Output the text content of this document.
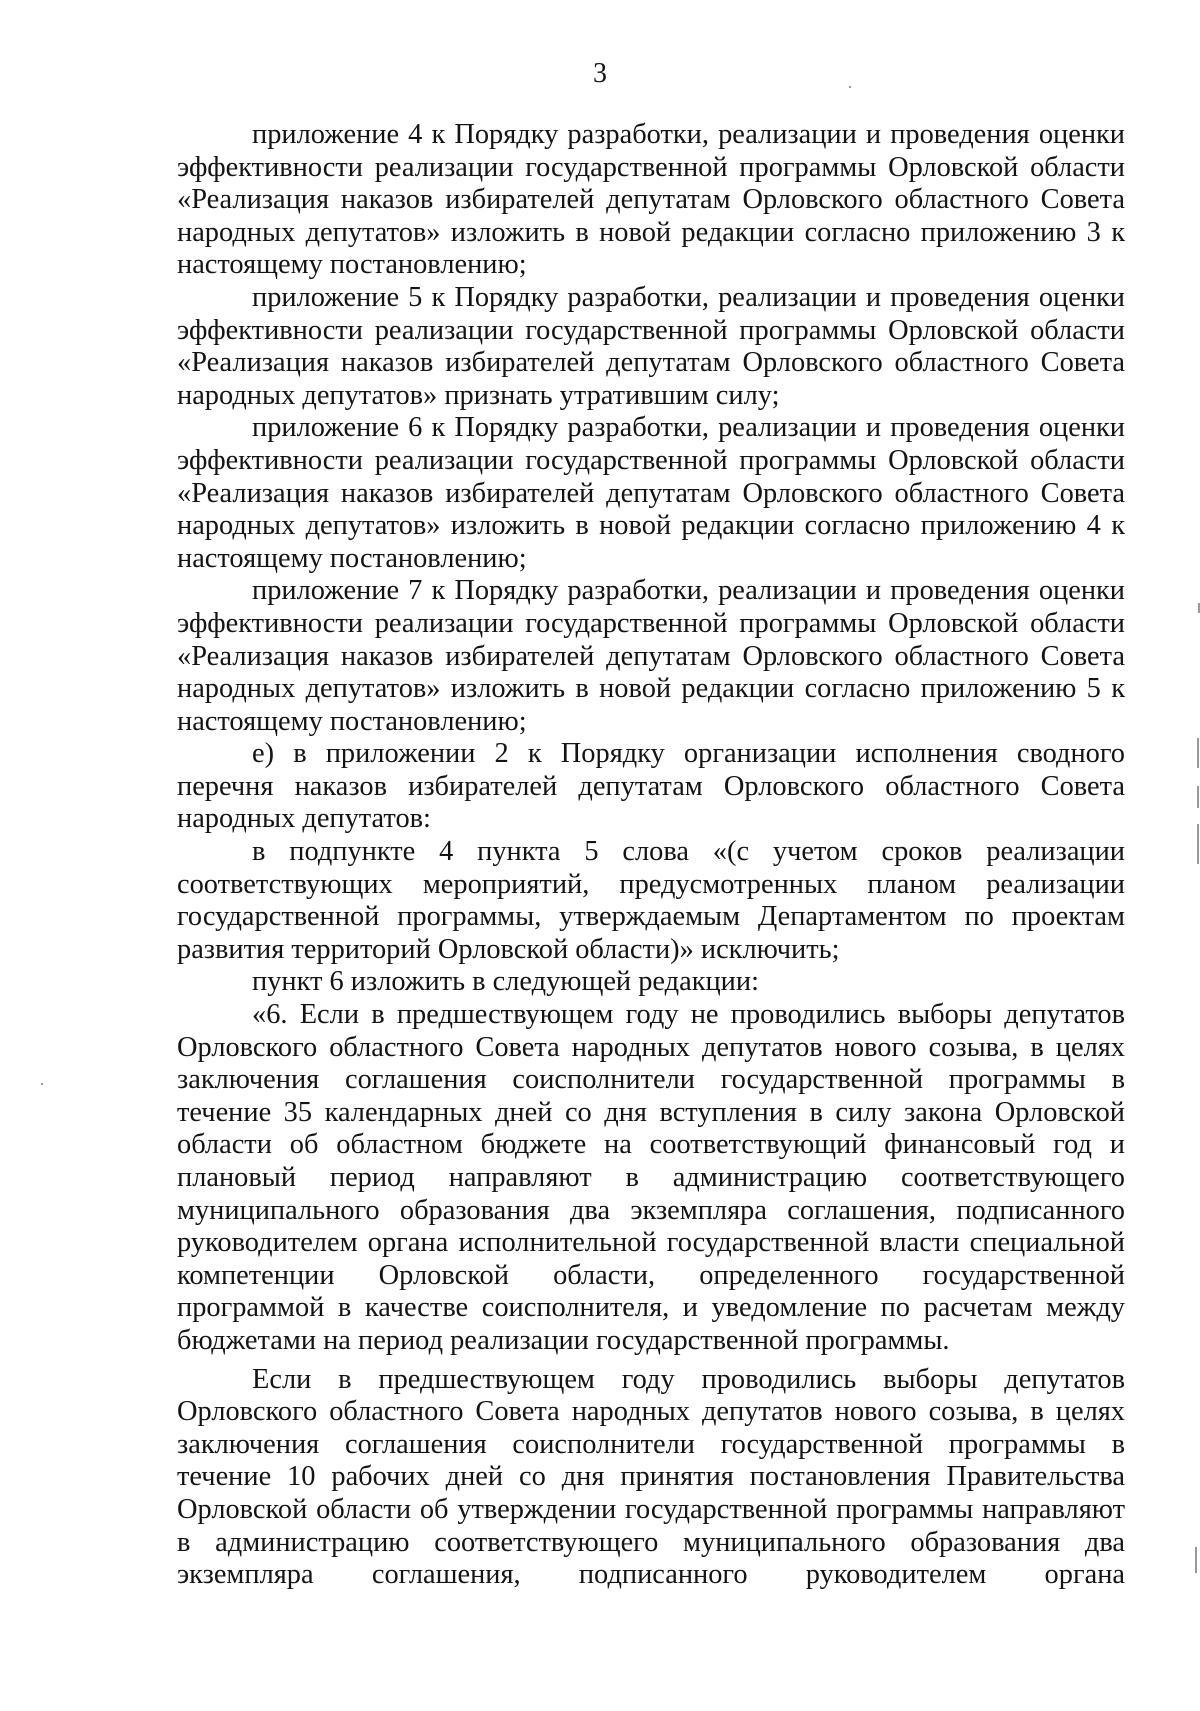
3

приложение 4 к Порядку разработки, реализации и проведения оценки эффективности реализации государственной программы Орловской области «Реализация наказов избирателей депутатам Орловского областного Совета народных депутатов» изложить в новой редакции согласно приложению 3 к настоящему постановлению;

приложение 5 к Порядку разработки, реализации и проведения оценки эффективности реализации государственной программы Орловской области «Реализация наказов избирателей депутатам Орловского областного Совета народных депутатов» признать утратившим силу;

приложение 6 к Порядку разработки, реализации и проведения оценки эффективности реализации государственной программы Орловской области «Реализация наказов избирателей депутатам Орловского областного Совета народных депутатов» изложить в новой редакции согласно приложению 4 к настоящему постановлению;

приложение 7 к Порядку разработки, реализации и проведения оценки эффективности реализации государственной программы Орловской области «Реализация наказов избирателей депутатам Орловского областного Совета народных депутатов» изложить в новой редакции согласно приложению 5 к настоящему постановлению;

е) в приложении 2 к Порядку организации исполнения сводного перечня наказов избирателей депутатам Орловского областного Совета народных депутатов:

в подпункте 4 пункта 5 слова «(с учетом сроков реализации соответствующих мероприятий, предусмотренных планом реализации государственной программы, утверждаемым Департаментом по проектам развития территорий Орловской области)» исключить;

пункт 6 изложить в следующей редакции:

«6. Если в предшествующем году не проводились выборы депутатов Орловского областного Совета народных депутатов нового созыва, в целях заключения соглашения соисполнители государственной программы в течение 35 календарных дней со дня вступления в силу закона Орловской области об областном бюджете на соответствующий финансовый год и плановый период направляют в администрацию соответствующего муниципального образования два экземпляра соглашения, подписанного руководителем органа исполнительной государственной власти специальной компетенции Орловской области, определенного государственной программой в качестве соисполнителя, и уведомление по расчетам между бюджетами на период реализации государственной программы.

Если в предшествующем году проводились выборы депутатов Орловского областного Совета народных депутатов нового созыва, в целях заключения соглашения соисполнители государственной программы в течение 10 рабочих дней со дня принятия постановления Правительства Орловской области об утверждении государственной программы направляют в администрацию соответствующего муниципального образования два экземпляра соглашения, подписанного руководителем органа
